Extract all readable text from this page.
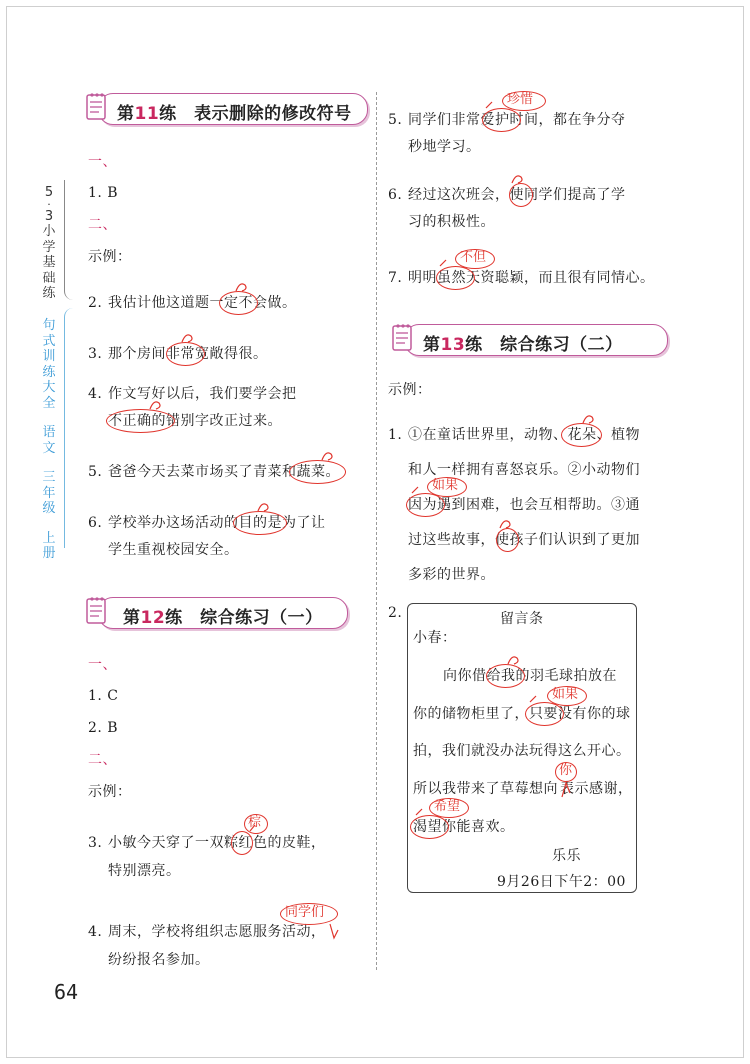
5
·
3
小
学
基
础
练
句
式
训
练
大
全
语
文
三
年
级
上
册
64
第11练　表示删除的修改符号
一、
1. B
二、
示例：
2. 我估计他这道题一定不会做。
3. 那个房间非常宽敞得很。
4. 作文写好以后，我们要学会把
不正确的错别字改正过来。
5. 爸爸今天去菜市场买了青菜和蔬菜。
6. 学校举办这场活动的目的是为了让
学生重视校园安全。
第12练　综合练习（一）
一、
1. C
2. B
二、
示例：
3. 小敏今天穿了一双粽红色的皮鞋，
特别漂亮。
棕
4. 周末，学校将组织志愿服务活动，
纷纷报名参加。
同学们
5. 同学们非常爱护时间，都在争分夺
秒地学习。
珍惜
6. 经过这次班会，使同学们提高了学
习的积极性。
7. 明明虽然天资聪颖，而且很有同情心。
不但
第13练　综合练习（二）
示例：
1. ①在童话世界里，动物、花朵、植物
和人一样拥有喜怒哀乐。②小动物们
因为遇到困难，也会互相帮助。③通
如果
过这些故事，使孩子们认识到了更加
多彩的世界。
2.	留言条
小春：
向你借给我的羽毛球拍放在
你的储物柜里了，只要没有你的球
如果
拍，我们就没办法玩得这么开心。
所以我带来了草莓想向 表示感谢，
你
渴望你能喜欢。
希望
乐乐
9月26日下午2：00
